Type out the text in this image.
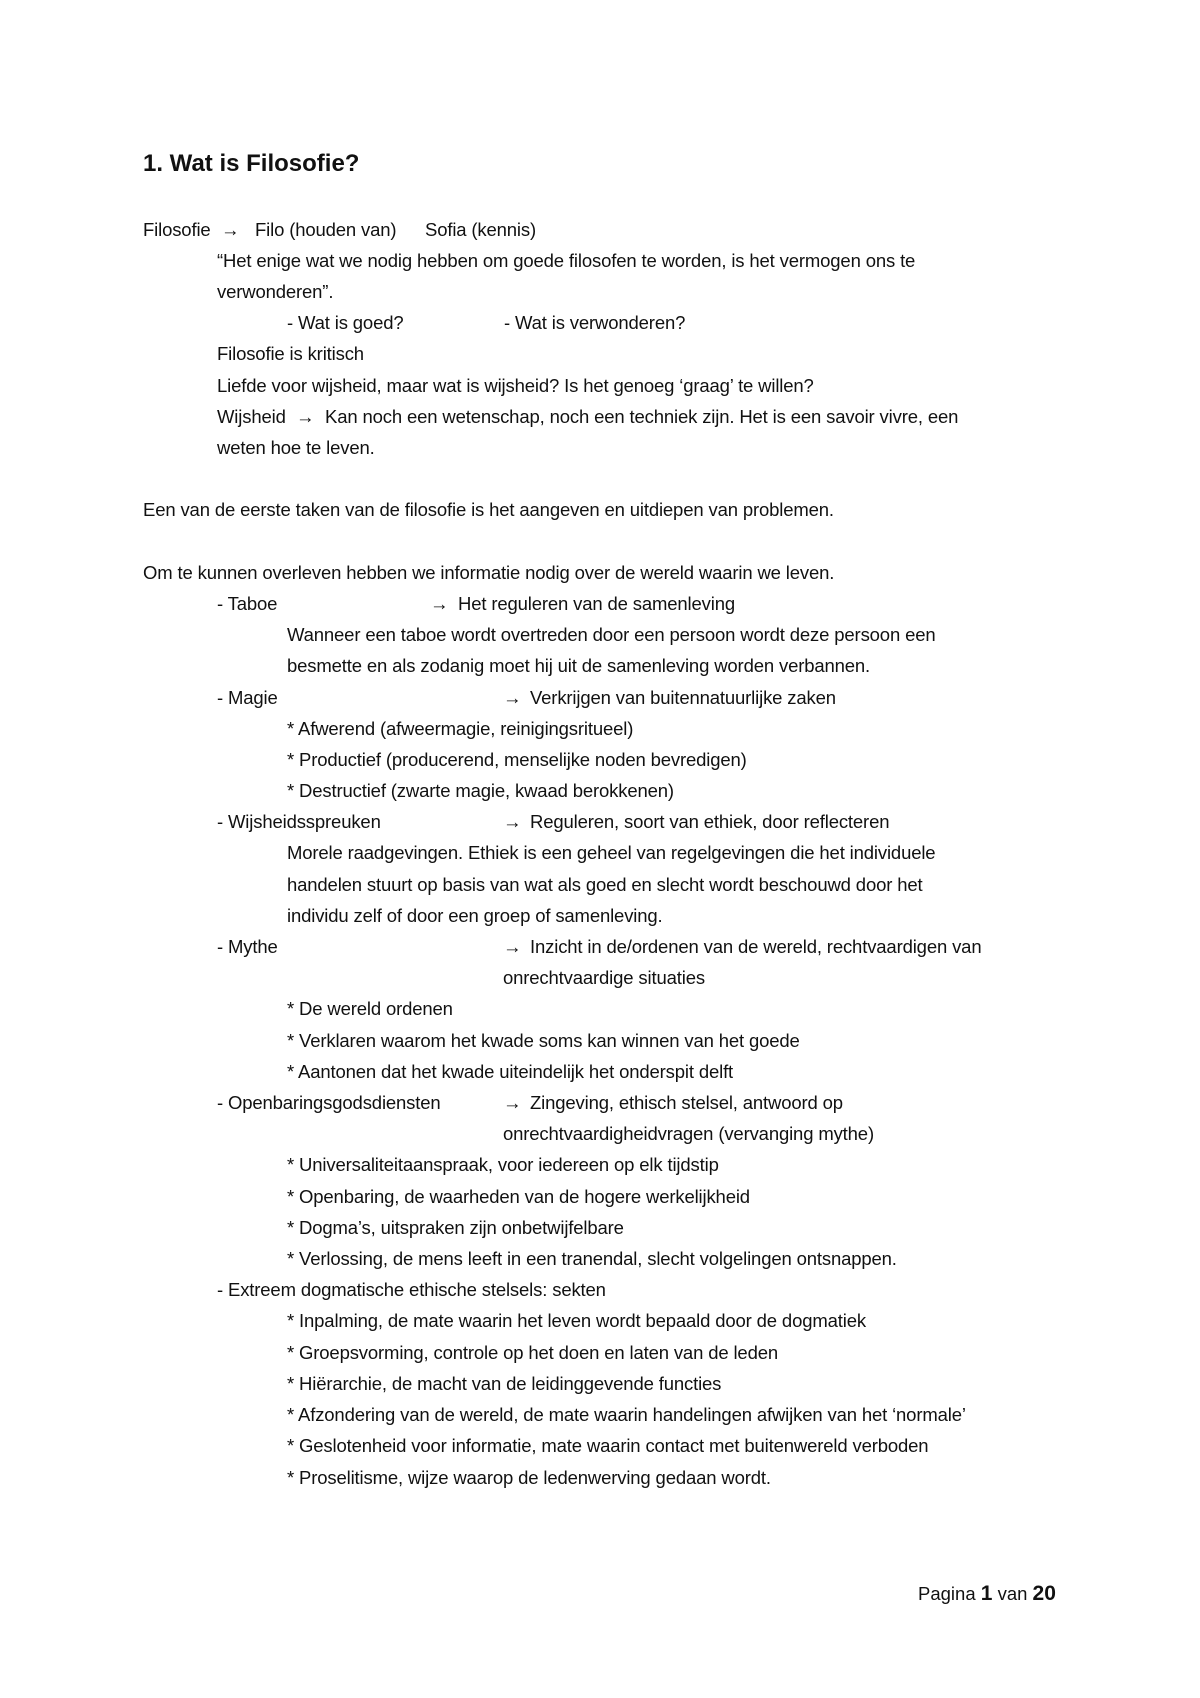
1. Wat is Filosofie?
Filosofie → Filo (houden van) Sofia (kennis)
“Het enige wat we nodig hebben om goede filosofen te worden, is het vermogen ons te
verwonderen”.
- Wat is goed?	- Wat is verwonderen?
Filosofie is kritisch
Liefde voor wijsheid, maar wat is wijsheid? Is het genoeg ‘graag’ te willen?
Wijsheid → Kan noch een wetenschap, noch een techniek zijn. Het is een savoir vivre, een
weten hoe te leven.
Een van de eerste taken van de filosofie is het aangeven en uitdiepen van problemen.
Om te kunnen overleven hebben we informatie nodig over de wereld waarin we leven.
- Taboe	→ Het reguleren van de samenleving
Wanneer een taboe wordt overtreden door een persoon wordt deze persoon een
besmette en als zodanig moet hij uit de samenleving worden verbannen.
- Magie	→ Verkrijgen van buitennatuurlijke zaken
* Afwerend (afweermagie, reinigingsritueel)
* Productief (producerend, menselijke noden bevredigen)
* Destructief (zwarte magie, kwaad berokkenen)
- Wijsheidsspreuken	→ Reguleren, soort van ethiek, door reflecteren
Morele raadgevingen. Ethiek is een geheel van regelgevingen die het individuele
handelen stuurt op basis van wat als goed en slecht wordt beschouwd door het
individu zelf of door een groep of samenleving.
- Mythe	→ Inzicht in de/ordenen van de wereld, rechtvaardigen van
onrechtvaardige situaties
* De wereld ordenen
* Verklaren waarom het kwade soms kan winnen van het goede
* Aantonen dat het kwade uiteindelijk het onderspit delft
- Openbaringsgodsdiensten	→ Zingeving, ethisch stelsel, antwoord op
onrechtvaardigheidvragen (vervanging mythe)
* Universaliteitaanspraak, voor iedereen op elk tijdstip
* Openbaring, de waarheden van de hogere werkelijkheid
* Dogma’s, uitspraken zijn onbetwijfelbare
* Verlossing, de mens leeft in een tranendal, slecht volgelingen ontsnappen.
- Extreem dogmatische ethische stelsels: sekten
* Inpalming, de mate waarin het leven wordt bepaald door de dogmatiek
* Groepsvorming, controle op het doen en laten van de leden
* Hiërarchie, de macht van de leidinggevende functies
* Afzondering van de wereld, de mate waarin handelingen afwijken van het ‘normale’
* Geslotenheid voor informatie, mate waarin contact met buitenwereld verboden
* Proselitisme, wijze waarop de ledenwerving gedaan wordt.
Pagina 1 van 20
